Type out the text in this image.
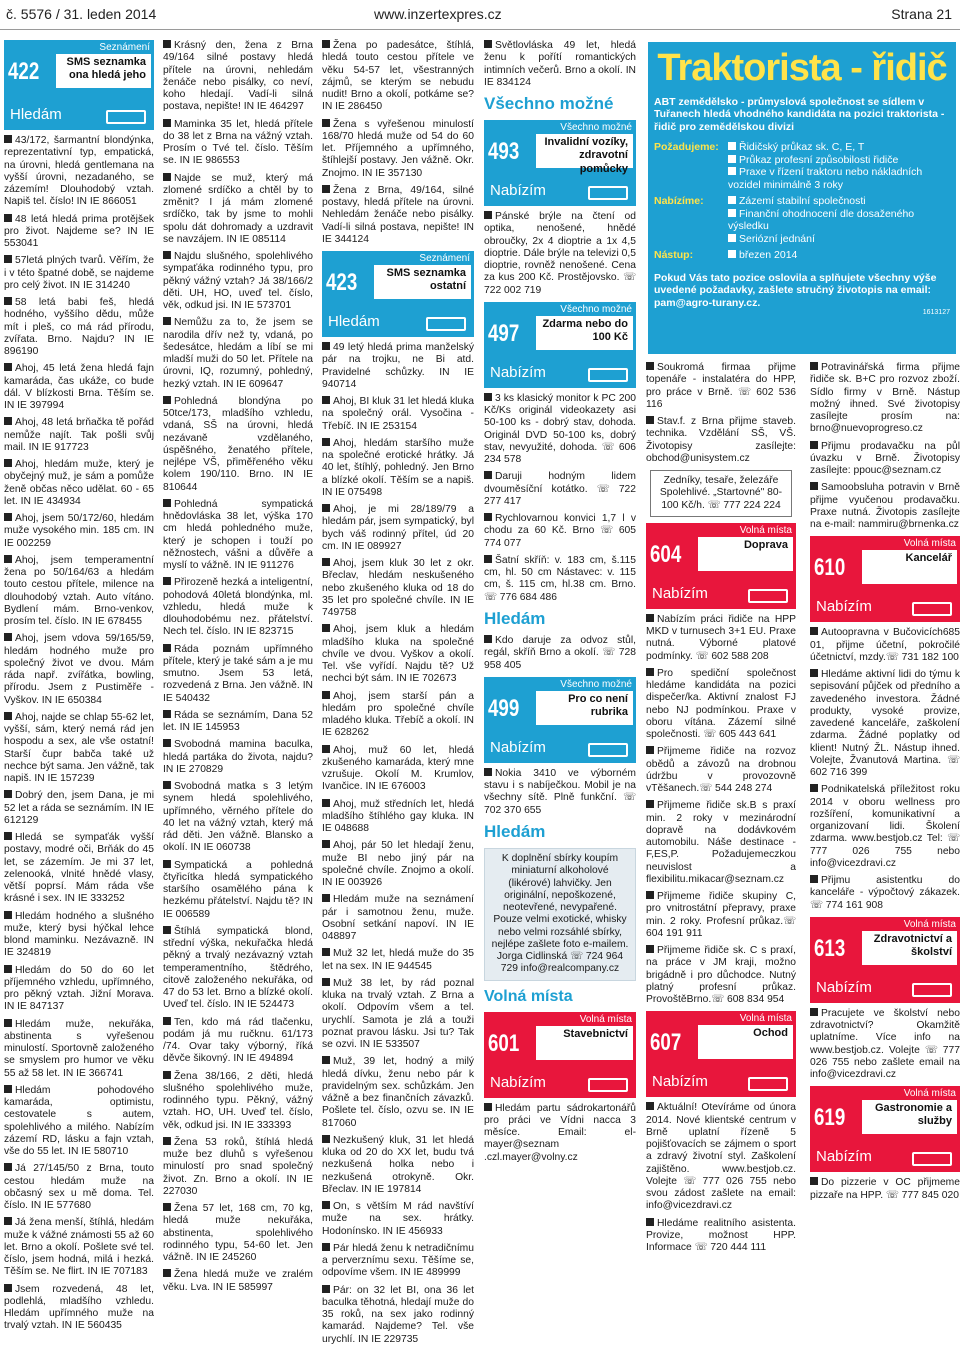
č. 5576 / 31. leden 2014	www.inzertexpres.cz	Strana 21
422
Seznámení
SMS seznamka ona hledá jeho
Hledám
43/172, šarmantní blondýnka, reprezentativní typ, empatická, na úrovni, hledá gentlemana na vyšší úrovni, nezadaného, se zázemím! Dlouhodobý vztah. Napiš tel. číslo! IN IE 866051
48 letá hledá prima protějšek pro život. Najdeme se? IN IE 553041
57letá plných tvarů. Věřím, že i v této špatné době, se najdeme pro celý život. IN IE 314240
58 letá babi feš, hledá hodného, vyššího dědu, může mít i pleš, co má rád přírodu, zvířata. Brno. Najdu? IN IE 896190
Ahoj, 45 letá žena hledá fajn kamaráda, čas ukáže, co bude dál. V blízkosti Brna. Těším se. IN IE 397994
Ahoj, 48 letá brňačka tě pořád nemůže najít. Tak pošli svůj mail. IN IE 917723
Ahoj, hledám muže, který je obyčejný muž, je sám a pomůže ženě občas něco udělat. 60 - 65 let. IN IE 434934
Ahoj, jsem 50/172/60, hledám muže vysokého min. 185 cm. IN IE 002259
Ahoj, jsem temperamentní žena po 50/164/63 a hledám touto cestou přítele, milence na dlouhodobý vztah. Auto vítáno. Bydlení mám. Brno-venkov, prosím tel. číslo. IN IE 678455
Ahoj, jsem vdova 59/165/59, hledám hodného muže pro společný život ve dvou. Mám ráda např. zvířátka, bowling, přírodu. Jsem z Pustiměře - Vyškov. IN IE 650384
Ahoj, najde se chlap 55-62 let, vyšší, sám, který nemá rád jen hospodu a sex, ale vše ostatní! Starší čupr babča také už nechce být sama. Jen vážně, tak napiš. IN IE 157239
Dobrý den, jsem Dana, je mi 52 let a ráda se seznámím. IN IE 612129
Hledá se sympaťák vyšší postavy, modré oči, Brňák do 45 let, se zázemím. Je mi 37 let, zelenooká, vlnité hnědé vlasy, větší poprsí. Mám ráda vše krásné i sex. IN IE 333252
Hledám hodného a slušného muže, který bysi hýčkal lehce blond maminku. Nezávazně. IN IE 324819
Hledám do 50 do 60 let příjemného vzhledu, upřímného, pro pěkný vztah. Jižní Morava. IN IE 847137
Hledám muže, nekuřáka, abstinenta s vyřešenou minulostí. Sportovně založeného se smyslem pro humor ve věku 55 až 58 let. IN IE 366741
Hledám pohodového kamaráda, optimistu, cestovatele s autem, spolehlivého a milého. Nabízím zázemí RD, lásku a fajn vztah, vše do 55 let. IN IE 580710
Já 27/145/50 z Brna, touto cestou hledám muže na občasný sex u mě doma. Tel. číslo. IN IE 577680
Já žena menší, štíhlá, hledám muže k vážné známosti 55 až 60 let. Brno a okolí. Pošlete své tel. číslo, jsem hodná, milá i hezká. Těším se. Ne flirt. IN IE 707183
Jsem rozvedená, 48 let, podlehlá, mladšího vzhledu. Hledám upřímného muže na trvalý vztah. IN IE 560435
Krásný den, žena z Brna 49/164 silné postavy hledá přítele na úrovni, nehledám ženáče nebo pisálky, co neví, koho hledají. Vadí-li silná postava, nepište! IN IE 464297
Maminka 35 let, hledá přítele do 38 let z Brna na vážný vztah. Prosím o Tvé tel. číslo. Těším se. IN IE 986553
Najde se muž, který má zlomené srdíčko a chtěl by to změnit? I já mám zlomené srdíčko, tak by jsme to mohli spolu dát dohromady a uzdravit se navzájem. IN IE 085114
Najdu slušného, spolehlivého sympaťáka rodinného typu, pro pěkný vážný vztah? Já 38/166/2 děti. UH, HO, uveď tel. číslo, věk, odkud jsi. IN IE 573701
Nemůžu za to, že jsem se narodila dřív než ty, vdaná, po šedesátce, hledám a líbí se mi mladší muži do 50 let. Přítele na úrovni, IQ, rozumný, pohledný, hezký vztah. IN IE 609647
Pohledná blondýna po 50tce/173, mladšího vzhledu, vdaná, SŠ na úrovni, hledá nezávaně vzdělaného, úspěšného, ženatého přítele, nejlépe VŠ, přiměřeného věku kolem 190/110. Brno. IN IE 810644
Pohledná sympatická hnědovláska 38 let, výška 170 cm hledá pohledného muže, který je schopen i touží po něžnostech, vášni a důvěře a myslí to vážně. IN IE 911276
Přirozeně hezká a inteligentní, pohodová 40letá blondýnka, ml. vzhledu, hledá muže k dlouhodobému nez. přátelství. Nech tel. číslo. IN IE 823715
Ráda poznám upřímného přítele, který je také sám a je mu smutno. Jsem 53 letá, rozvedená z Brna. Jen vážně. IN IE 540432
Ráda se seznámím, Dana 52 let. IN IE 145953
Svobodná mamina baculka, hledá partáka do života, najdu? IN IE 270829
Svobodná matka s 3 letým synem hledá spolehlivého, upřímného, věrného přítele do 40 let na vážný vztah, který má rád děti. Jen vážně. Blansko a okolí. IN IE 060738
Sympatická a pohledná čtyřicítka hledá sympatického staršího osamělého pána k hezkému přátelství. Najdu tě? IN IE 006589
Štíhlá sympatická blond, střední výška, nekuřačka hledá pěkný a trvalý nezávazný vztah temperamentního, štědrého, citově založeného nekuřáka, od 47 do 53 let. Brno a blízké okolí. Uveď tel. číslo. IN IE 524473
Ten, kdo má rád tlačenku, podám já mu ručknu. 61/173 /74. Ovar taky výborný, říká děvče šikovný. IN IE 494894
Žena 38/166, 2 děti, hledá slušného spolehlivého muže, rodinného typu. Pěkný, vážný vztah. HO, UH. Uveď tel. číslo, věk, odkud jsi. IN IE 333393
Žena 53 roků, štíhlá hledá muže bez dluhů s vyřešenou minulostí pro snad společný život. Zn. Brno a okolí. IN IE 227030
Žena 57 let, 168 cm, 70 kg, hledá muže nekuřáka, abstinenta, spolehlivého rodinného typu, 54-60 let. Jen vážně. IN IE 245260
Žena hledá muže ve zralém věku. Lva. IN IE 585997
Žena po padesátce, štíhlá, hledá touto cestou přítele ve věku 54-57 let, všestranných zájmů, se kterým se nebudu nudit! Brno a okolí, potkáme se? IN IE 286450
Žena s vyřešenou minulostí 168/70 hledá muže od 54 do 60 let. Příjemného a upřímného, štíhlejší postavy. Jen vážně. Okr. Znojmo. IN IE 357130
Žena z Brna, 49/164, silné postavy, hledá přítele na úrovni. Nehledám ženáče nebo pisálky. Vadí-li silná postava, nepište! IN IE 344124
423
Seznámení
SMS seznamka ostatní
Hledám
49 letý hledá prima manželský pár na trojku, ne Bi atd. Pravidelné schůzky. IN IE 940714
Ahoj, BI kluk 31 let hledá kluka na společný orál. Vysočina - Třebíč. IN IE 253154
Ahoj, hledám staršího muže na společné erotické hrátky. Já 40 let, štíhlý, pohledný. Jen Brno a blízké okolí. Těším se a napiš. IN IE 075498
Ahoj, je mi 28/189/79 a hledám pár, jsem sympatický, byl bych váš rodinný přítel, úd 20 cm. IN IE 089927
Ahoj, jsem kluk 30 let z okr. Břeclav, hledám neskušeného nebo zkušeného kluka od 18 do 35 let pro společné chvíle. IN IE 749758
Ahoj, jsem kluk a hledám mladšího kluka na společné chvíle ve dvou. Vyškov a okolí. Tel. vše vyřídí. Najdu tě? Už nechci být sám. IN IE 702673
Ahoj, jsem starší pán a hledám pro společné chvíle mladého kluka. Třebíč a okolí. IN IE 628262
Ahoj, muž 60 let, hledá zkušeného kamaráda, který mne vzrušuje. Okolí M. Krumlov, Ivančice. IN IE 676003
Ahoj, muž středních let, hledá mladšího štíhlého gay kluka. IN IE 048688
Ahoj, pár 50 let hledají ženu, muže BI nebo jiný pár na společné chvíle. Znojmo a okolí. IN IE 003926
Hledám muže na seznámení pár i samotnou ženu, muže. Osobní setkání napoví. IN IE 048897
Muž 32 let, hledá muže do 35 let na sex. IN IE 944545
Muž 38 let, by rád poznal kluka na trvalý vztah. Z Brna a okolí. Odpovím všem a tel. urychlí. Samota je zlá a touži poznat pravou lásku. Jsi tu? Tak se ozvi. IN IE 533507
Muž, 39 let, hodný a milý hledá dívku, ženu nebo pár k pravidelným sex. schůzkám. Jen vážně a bez finančních závazků. Pošlete tel. číslo, ozvu se. IN IE 817060
Nezkušený kluk, 31 let hledá kluka od 20 do XX let, budu tvá nezkušená holka nebo i nezkušená otrokyně. Okr. Břeclav. IN IE 197814
On, s větším M rád navštíví muže na sex. hrátky. Hodonínsko. IN IE 456933
Pár hledá ženu k netradičnímu a perverznímu sexu. Těšíme se, odpovíme všem. IN IE 489999
Pár: on 32 let BI, ona 36 let baculka těhotná, hledají muže do 35 roků, na sex jako rodinný kamarád. Najdeme? Tel. vše urychlí. IN IE 229735
Světlovláska 49 let, hledá ženu k pořítí romantických intimních večerů. Brno a okolí. IN IE 834124
Všechno možné
493
Všechno možné
Invalidní vozíky, zdravotní pomůcky
Nabízím
Pánské brýle na čtení od optika, nenošené, hnědé obroučky, 2x 4 dioptrie a 1x 4,5 dioptrie. Dále brýle na televizi 0,5 dioptrie, rovněž nenošené. Cena za kus 200 Kč. Prostějovsko. ☏ 722 002 719
497
Všechno možné
Zdarma nebo do 100 Kč
Nabízím
3 ks klasický monitor k PC 200 Kč/Ks originál videokazety asi 50-100 ks - dobrý stav, dohoda. Originál DVD 50-100 ks, dobrý stav, nevyužité, dohoda. ☏ 606 234 578
Daruji hodným lidem dvouměsíční kotátko. ☏ 722 277 417
Rychlovarnou konvici 1,7 l v chodu za 60 Kč. Brno ☏ 605 774 077
Šatní skříň: v. 183 cm, š.115 cm, hl. 50 cm Nástavec: v. 115 cm, š. 115 cm, hl.38 cm. Brno. ☏ 776 684 486
Hledám
Kdo daruje za odvoz stůl, regál, skříň Brno a okolí. ☏ 728 958 405
499
Všechno možné
Pro co není rubrika
Nabízím
Nokia 3410 ve výborném stavu i s nabíječkou. Mobil je na všechny sítě. Plně funkční. ☏ 702 370 655
Hledám
K doplnění sbírky koupím miniaturní alkoholové (likérové) lahvičky. Jen originální, nepoškozené, neotevřené, nevypařené. Pouze velmi exotické, whisky nebo velmi rozsáhlé sbírky, nejlépe zašlete foto e-mailem. Jorga Cidlinská ☏ 724 964 729 info@realcompany.cz
Volná místa
601
Volná místa
Stavebnictví
Nabízím
Hledám partu sádrokartonářů pro práci ve Vídni nacca 3 měsíce. Email: el-mayer@seznam .czl.mayer@volny.cz
Traktorista - řidič
ABT zemědělsko - průmyslová společnost se sídlem v Tuřanech hledá vhodného kandidáta na pozici traktorista - řidič pro zemědělskou divizi
Požadujeme:	Řidičský průkaz sk. C, E, T
Průkaz profesní způsobilosti řidiče
Praxe v řízení traktoru nebo nákladních vozidel minimálně 3 roky
Nabízíme:	Zázemí stabilní společnosti
Finanční ohodnocení dle dosaženého výsledku
Seriózní jednání
Nástup:	březen 2014
Pokud Vás tato pozice oslovila a splňujete všechny výše uvedené požadavky, zašlete stručný životopis na email: pam@agro-turany.cz.
1613127
Soukromá firmaa přijme topenáře - instalatéra do HPP, pro práce v Brně. ☏ 602 536 116
Stav.f. z Brna přijme staveb. technika. Vzdělání SŠ, VŠ. Životopisy zasílejte: obchod@unisystem.cz
Zedníky, tesaře, železáře Spolehlivé. „Startovné" 80-100 Kč/h. ☏ 777 224 224
604
Volná místa
Doprava
Nabízím
Nabízím práci řidiče na HPP MKD v turnusech 3+1 EU. Praxe nutná. Výborné platové podmínky. ☏ 602 588 208
Pro spediční společnost hledáme kandidáta na pozici dispečer/ka. Aktivní znalost FJ nebo NJ podmínkou. Praxe v oboru vítána. Zázemí silné společnosti. ☏ 605 443 641
Přijmeme řidiče na rozvoz obědů a závozů na drobnou údržbu v provozovně vTěšanech.☏ 544 248 274
Přijmeme řidiče sk.B s praxí min. 2 roky v mezinárodní dopravě na dodávkovém automobilu. Náše destinace - F,ES,P. Požadujemeczkou neuvislost a flexibilitu.mikacar@seznam.cz
Přijmeme řidiče skupiny C, pro vnitrostátní přepravy, praxe min. 2 roky. Profesní průkaz.☏ 604 191 911
Přijmeme řidiče sk. C s praxí, na práce v JM kraji, možno brigádně i pro důchodce. Nutný platný profesní průkaz. ProvoštěBrno.☏ 608 834 954
607
Volná místa
Ochod
Nabízím
Aktuální! Otevíráme od února 2014. Nové klientské centrum v Brně uplatní řízeně 5 pojišťovacích se zájmem o sport a zdravý životní styl. Zaškolení zajištěno. www.bestjob.cz. Volejte ☏ 777 026 755 nebo svou zádost zašlete na email: info@vicezdravi.cz
Hledáme realitního asistenta. Provize, možnost HPP. Informace ☏ 720 444 111
Potravinářská firma přijme řidiče sk. B+C pro rozvoz zboží. Sídlo firmy v Brně. Nástup možný ihned. Své životopisy zasílejte prosím na: brno@nuevoprogreso.cz
Přijmu prodavačku na půl úvazku v Brně. Životopisy zasílejte: ppouc@seznam.cz
Samoobsluha potravin v Brně přijme vyučenou prodavačku. Praxe nutná. Životopis zasílejte na e-mail: nammiru@brnenka.cz
610
Volná místa
Kancelář
Nabízím
Autoopravna v Bučovicích685 01, přijme účetní, pokročilé účetnictví, mzdy.☏ 731 182 100
Hledáme aktivní lidi do týmu k sepisování půjček od předního a zavedeného investora. Žádné produkty, vysoké provize, zavedené kanceláře, zaškolení zdarma. Žádné poplatky od klient! Nutný ŽL. Nástup ihned. Volejte, Žvanutová Martina. ☏ 602 716 399
Podnikatelská příležitost roku 2014 v oboru wellness pro rozšíření, komunikativní a organizovaní lidi. Školení zdarma. www.bestjob.cz Tel: ☏ 777 026 755 nebo info@vicezdravi.cz
Přijmu asistentku do kanceláře - výpočtový zákazek. ☏ 774 161 908
613
Volná místa
Zdravotnictví a školství
Nabízím
Pracujete ve školství nebo zdravotnictví? Okamžitě uplatníme. Více info na www.bestjob.cz. Volejte ☏ 777 026 755 nebo zašlete email na info@vicezdravi.cz
619
Volná místa
Gastronomie a služby
Nabízím
Do pizzerie v OC přijmeme pizzaře na HPP. ☏ 777 845 020
